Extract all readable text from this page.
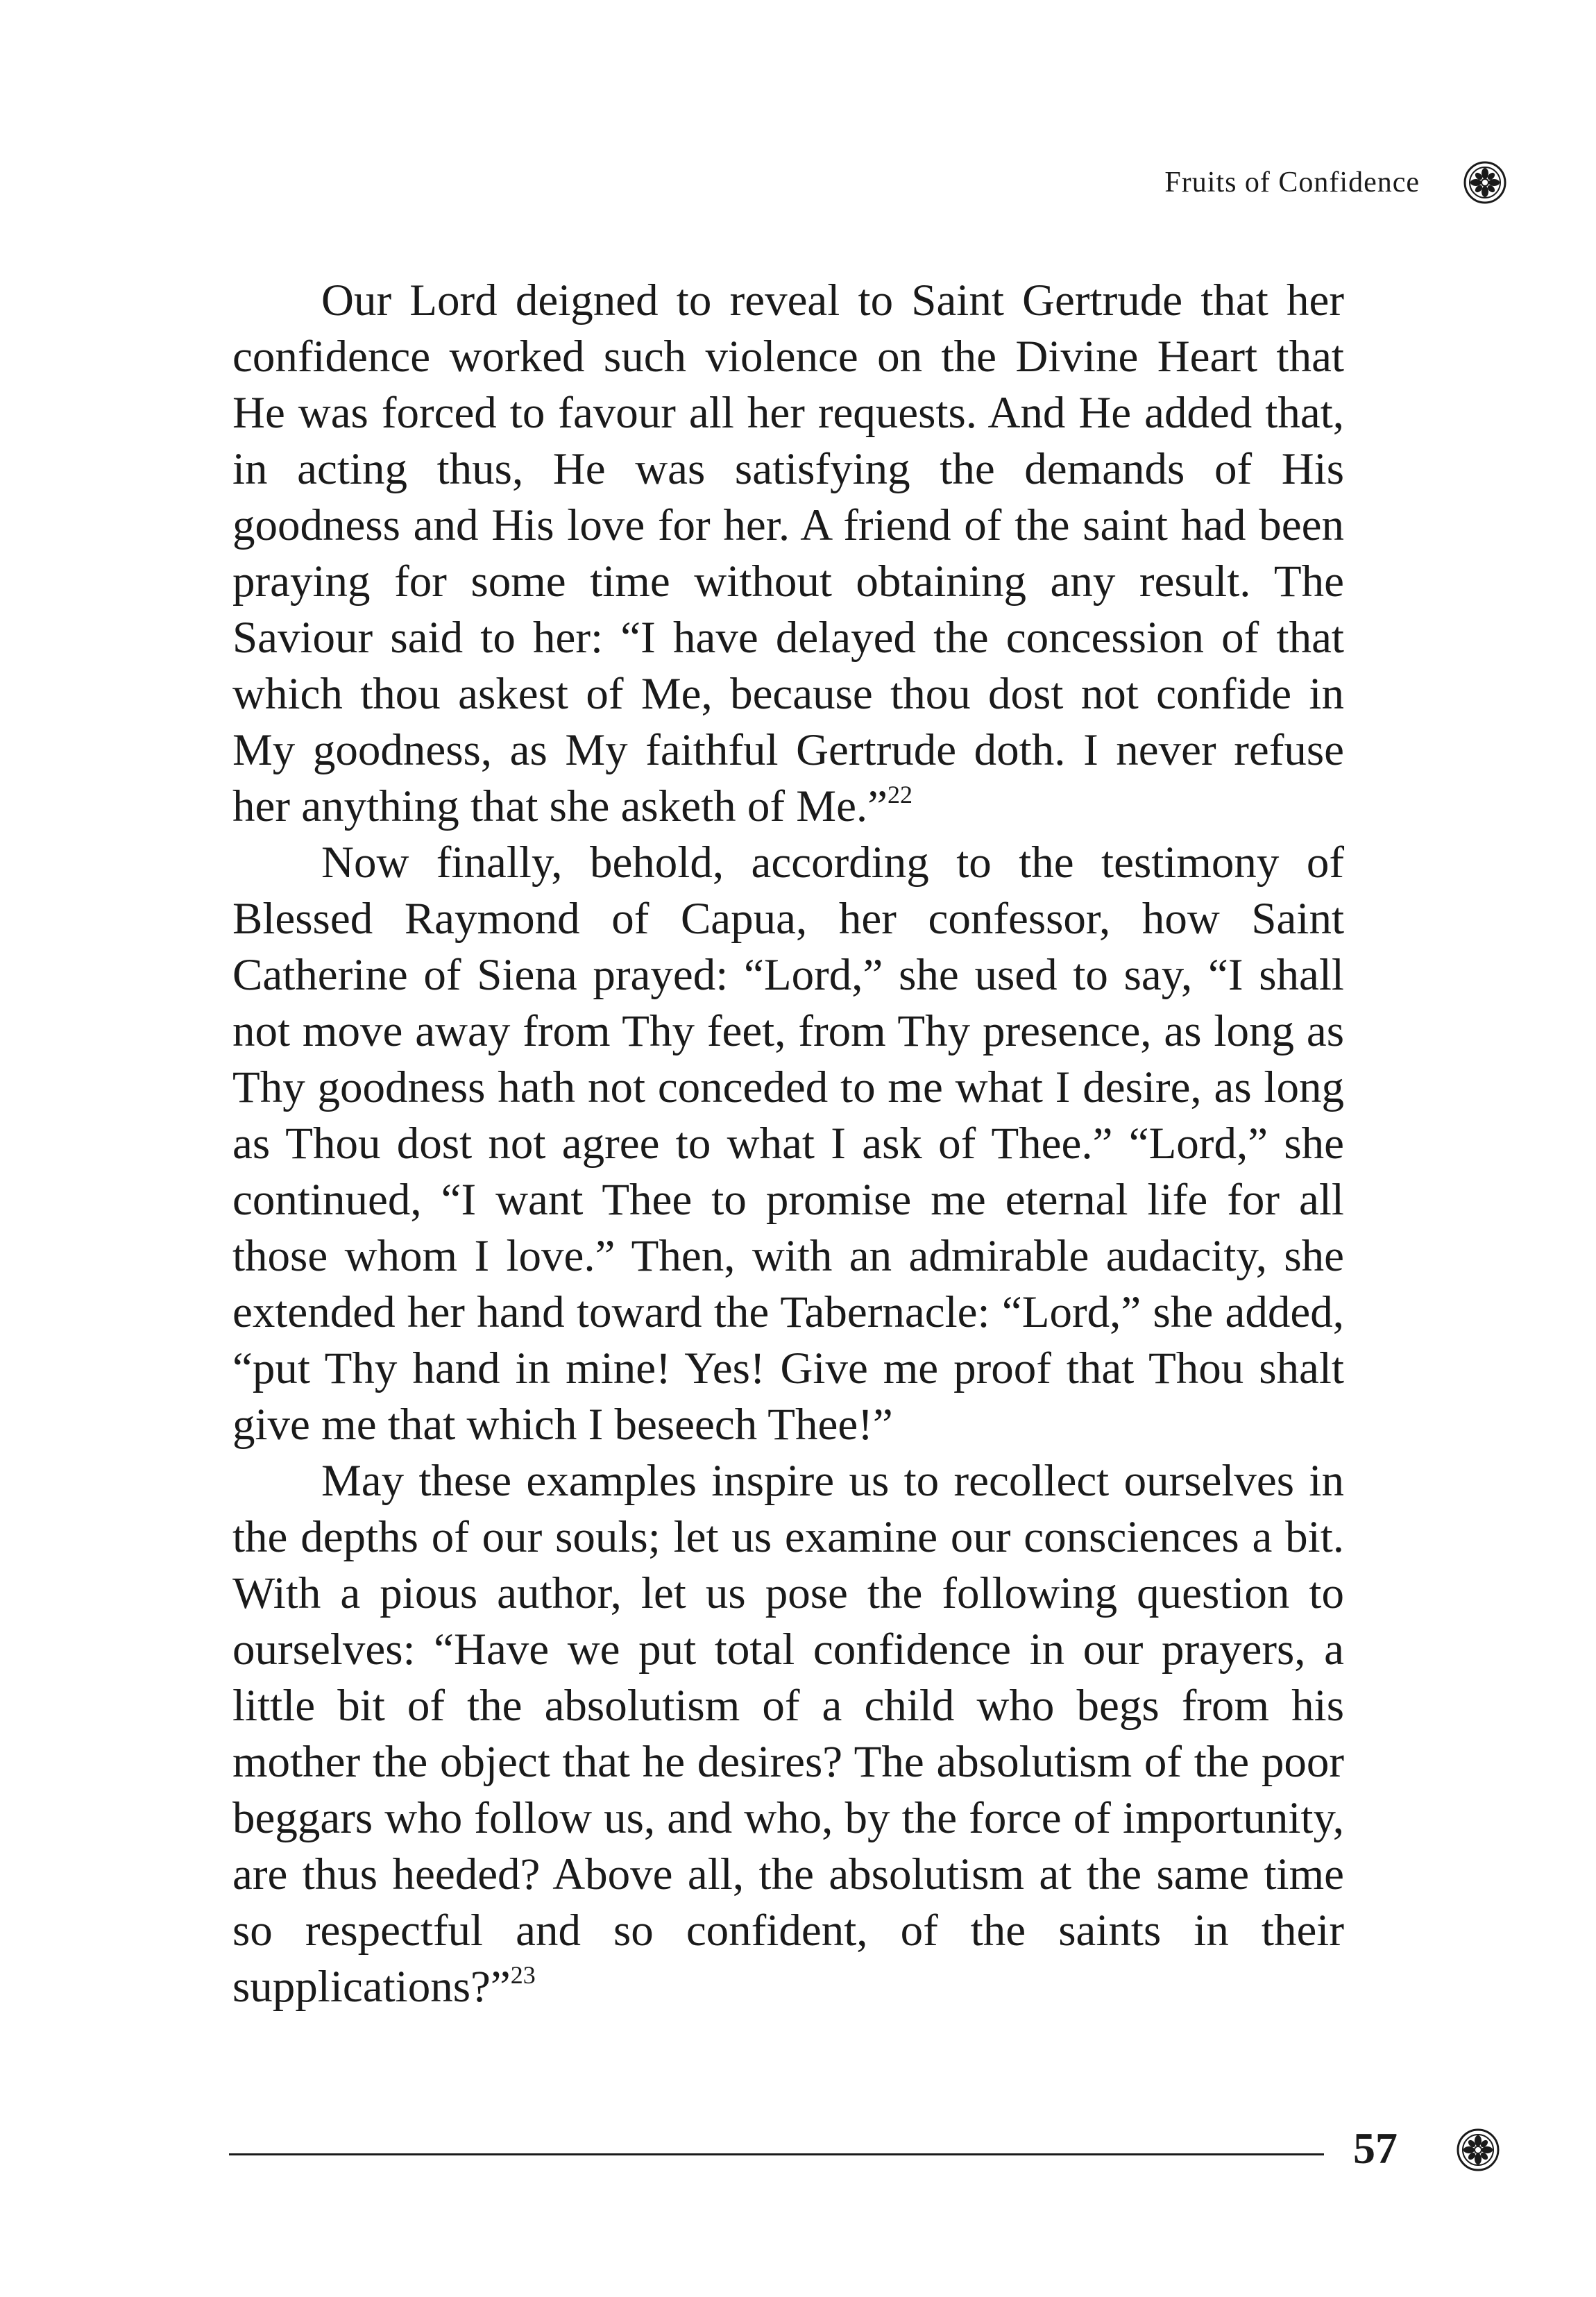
Fruits of Confidence

Our Lord deigned to reveal to Saint Gertrude that her confidence worked such violence on the Divine Heart that He was forced to favour all her requests. And He added that, in acting thus, He was satisfying the demands of His goodness and His love for her. A friend of the saint had been praying for some time without obtaining any result. The Saviour said to her: “I have delayed the concession of that which thou askest of Me, because thou dost not confide in My goodness, as My faithful Gertrude doth. I never refuse her anything that she asketh of Me.”$^{22}$

Now finally, behold, according to the testimony of Blessed Raymond of Capua, her confessor, how Saint Catherine of Siena prayed: “Lord,” she used to say, “I shall not move away from Thy feet, from Thy presence, as long as Thy goodness hath not conceded to me what I desire, as long as Thou dost not agree to what I ask of Thee.” “Lord,” she continued, “I want Thee to promise me eternal life for all those whom I love.” Then, with an admirable audacity, she extended her hand toward the Tabernacle: “Lord,” she added, “put Thy hand in mine! Yes! Give me proof that Thou shalt give me that which I beseech Thee!”

May these examples inspire us to recollect ourselves in the depths of our souls; let us examine our consciences a bit. With a pious author, let us pose the following question to ourselves: “Have we put total confidence in our prayers, a little bit of the absolutism of a child who begs from his mother the object that he desires? The absolutism of the poor beggars who follow us, and who, by the force of importunity, are thus heeded? Above all, the absolutism at the same time so respectful and so confident, of the saints in their supplications?”$^{23}$

57
